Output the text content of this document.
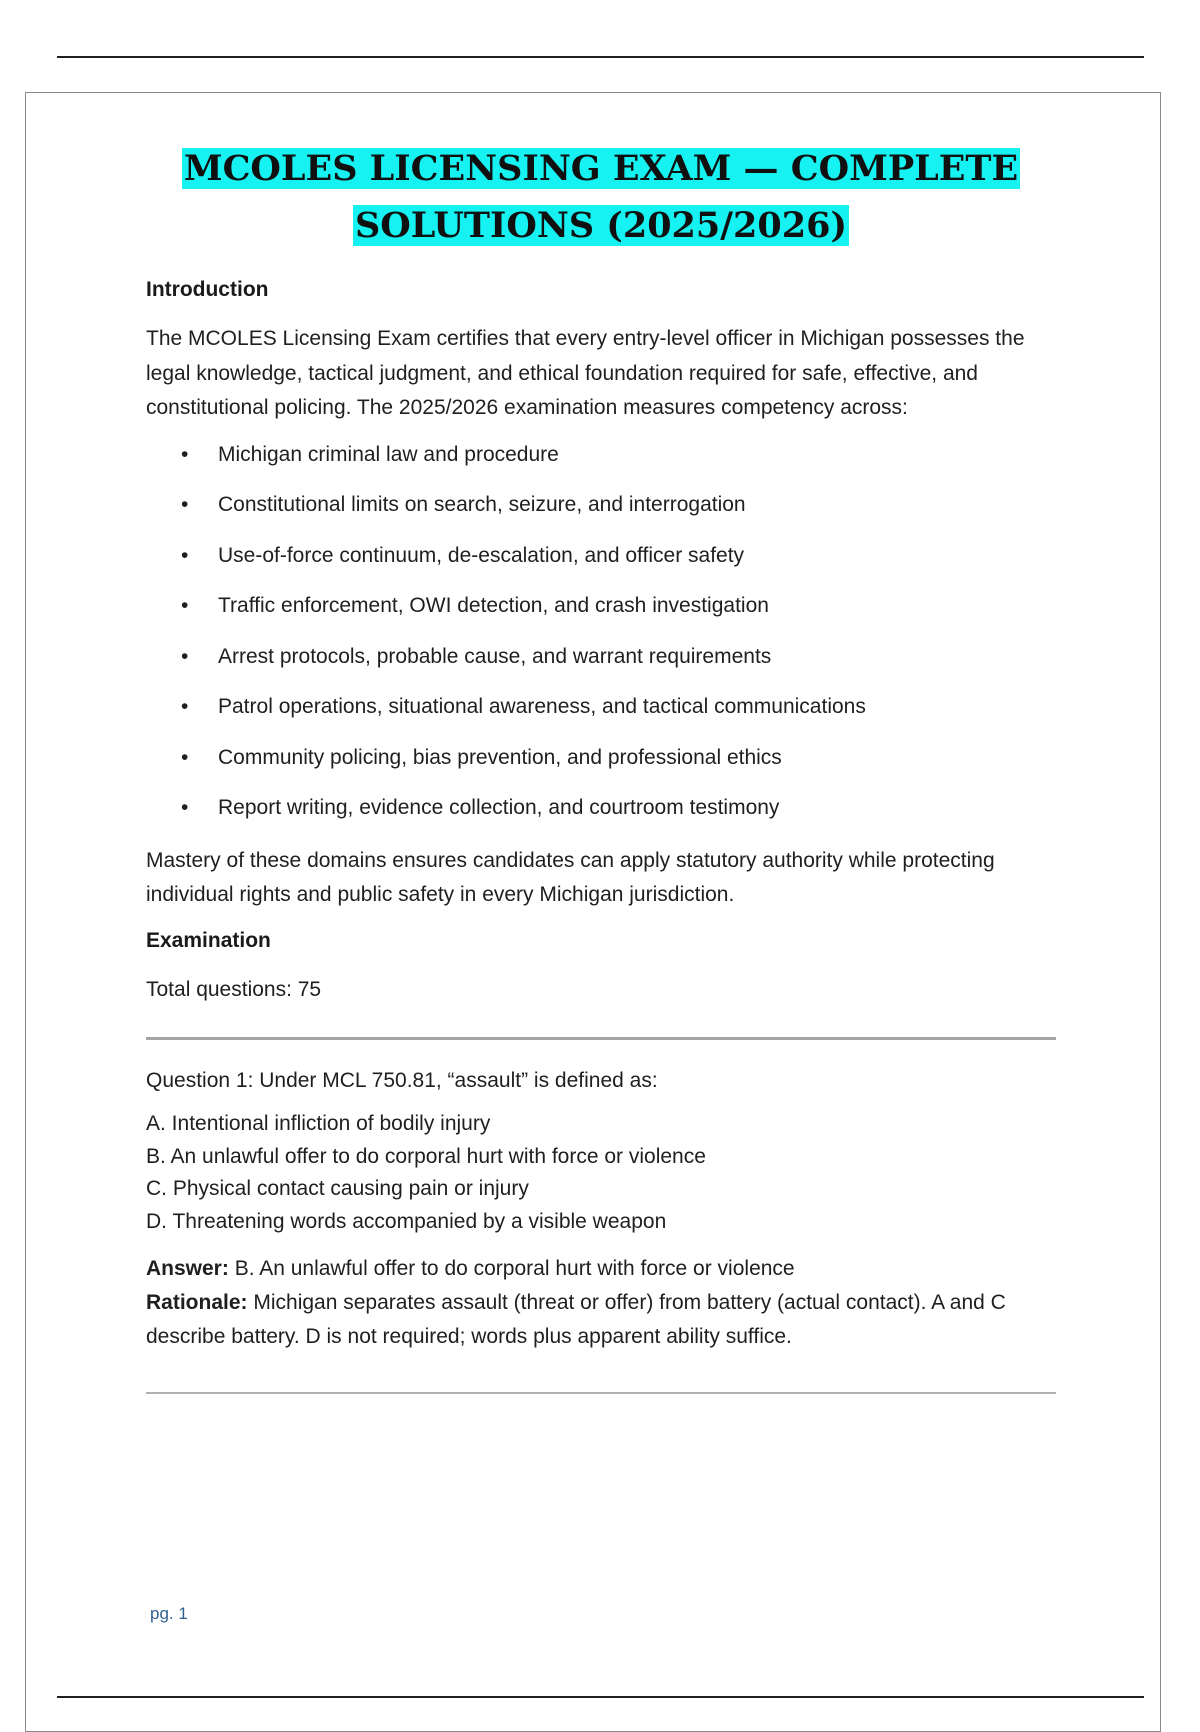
MCOLES LICENSING EXAM — COMPLETE
SOLUTIONS (2025/2026)
Introduction

The MCOLES Licensing Exam certifies that every entry-level officer in Michigan possesses the legal knowledge, tactical judgment, and ethical foundation required for safe, effective, and constitutional policing. The 2025/2026 examination measures competency across:

• Michigan criminal law and procedure
• Constitutional limits on search, seizure, and interrogation
• Use-of-force continuum, de-escalation, and officer safety
• Traffic enforcement, OWI detection, and crash investigation
• Arrest protocols, probable cause, and warrant requirements
• Patrol operations, situational awareness, and tactical communications
• Community policing, bias prevention, and professional ethics
• Report writing, evidence collection, and courtroom testimony

Mastery of these domains ensures candidates can apply statutory authority while protecting individual rights and public safety in every Michigan jurisdiction.

Examination

Total questions: 75

Question 1: Under MCL 750.81, “assault” is defined as:
A. Intentional infliction of bodily injury
B. An unlawful offer to do corporal hurt with force or violence
C. Physical contact causing pain or injury
D. Threatening words accompanied by a visible weapon
Answer: B. An unlawful offer to do corporal hurt with force or violence
Rationale: Michigan separates assault (threat or offer) from battery (actual contact). A and C describe battery. D is not required; words plus apparent ability suffice.
pg. 1
